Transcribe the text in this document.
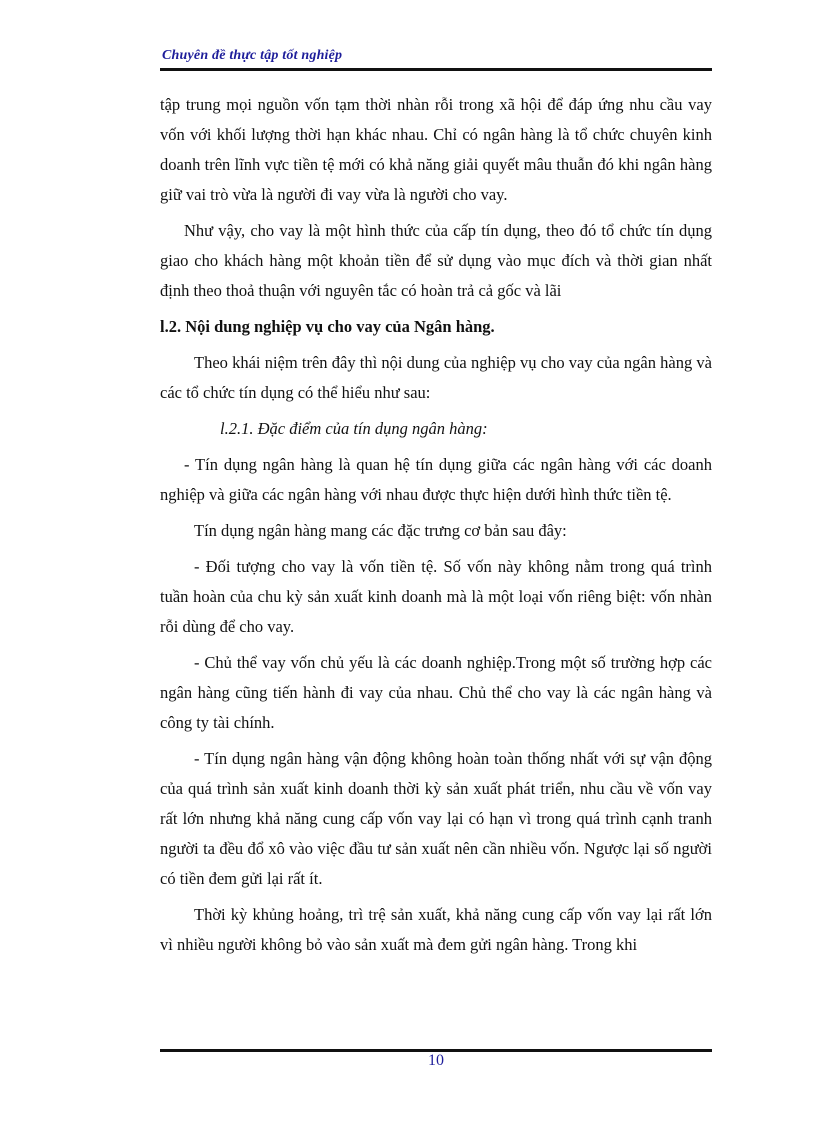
Chuyên đề thực tập tốt nghiệp

tập trung mọi nguồn vốn tạm thời nhàn rỗi trong xã hội để đáp ứng nhu cầu vay vốn với khối lượng thời hạn khác nhau. Chỉ có ngân hàng là tổ chức chuyên kinh doanh trên lĩnh vực tiền tệ mới có khả năng giải quyết mâu thuẫn đó khi ngân hàng giữ vai trò vừa là người đi vay vừa là người cho vay.

Như vậy, cho vay là một hình thức của cấp tín dụng, theo đó tổ chức tín dụng giao cho khách hàng một khoản tiền để sử dụng vào mục đích và thời gian nhất định theo thoả thuận với nguyên tắc có hoàn trả cả gốc và lãi

l.2. Nội dung nghiệp vụ cho vay của Ngân hàng.

Theo khái niệm trên đây thì nội dung của nghiệp vụ cho vay của ngân hàng và các tổ chức tín dụng có thể hiểu như sau:

l.2.1. Đặc điểm của tín dụng ngân hàng:

- Tín dụng ngân hàng là quan hệ tín dụng giữa các ngân hàng với các doanh nghiệp và giữa các ngân hàng với nhau được thực hiện dưới hình thức tiền tệ.

Tín dụng ngân hàng mang các đặc trưng cơ bản sau đây:

- Đối tượng cho vay là vốn tiền tệ. Số vốn này không nằm trong quá trình tuần hoàn của chu kỳ sản xuất kinh doanh mà là một loại vốn riêng biệt: vốn nhàn rỗi dùng để cho vay.

- Chủ thể vay vốn chủ yếu là các doanh nghiệp.Trong một số trường hợp các ngân hàng cũng tiến hành đi vay của nhau. Chủ thể cho vay là các ngân hàng và công ty tài chính.

- Tín dụng ngân hàng vận động không hoàn toàn thống nhất với sự vận động của quá trình sản xuất kinh doanh thời kỳ sản xuất phát triển, nhu cầu về vốn vay rất lớn nhưng khả năng cung cấp vốn vay lại có hạn vì trong quá trình cạnh tranh người ta đều đổ xô vào việc đầu tư sản xuất nên cần nhiều vốn. Ngược lại số người có tiền đem gửi lại rất ít.

Thời kỳ khủng hoảng, trì trệ sản xuất, khả năng cung cấp vốn vay lại rất lớn vì nhiều người không bỏ vào sản xuất mà đem gửi ngân hàng. Trong khi

10
